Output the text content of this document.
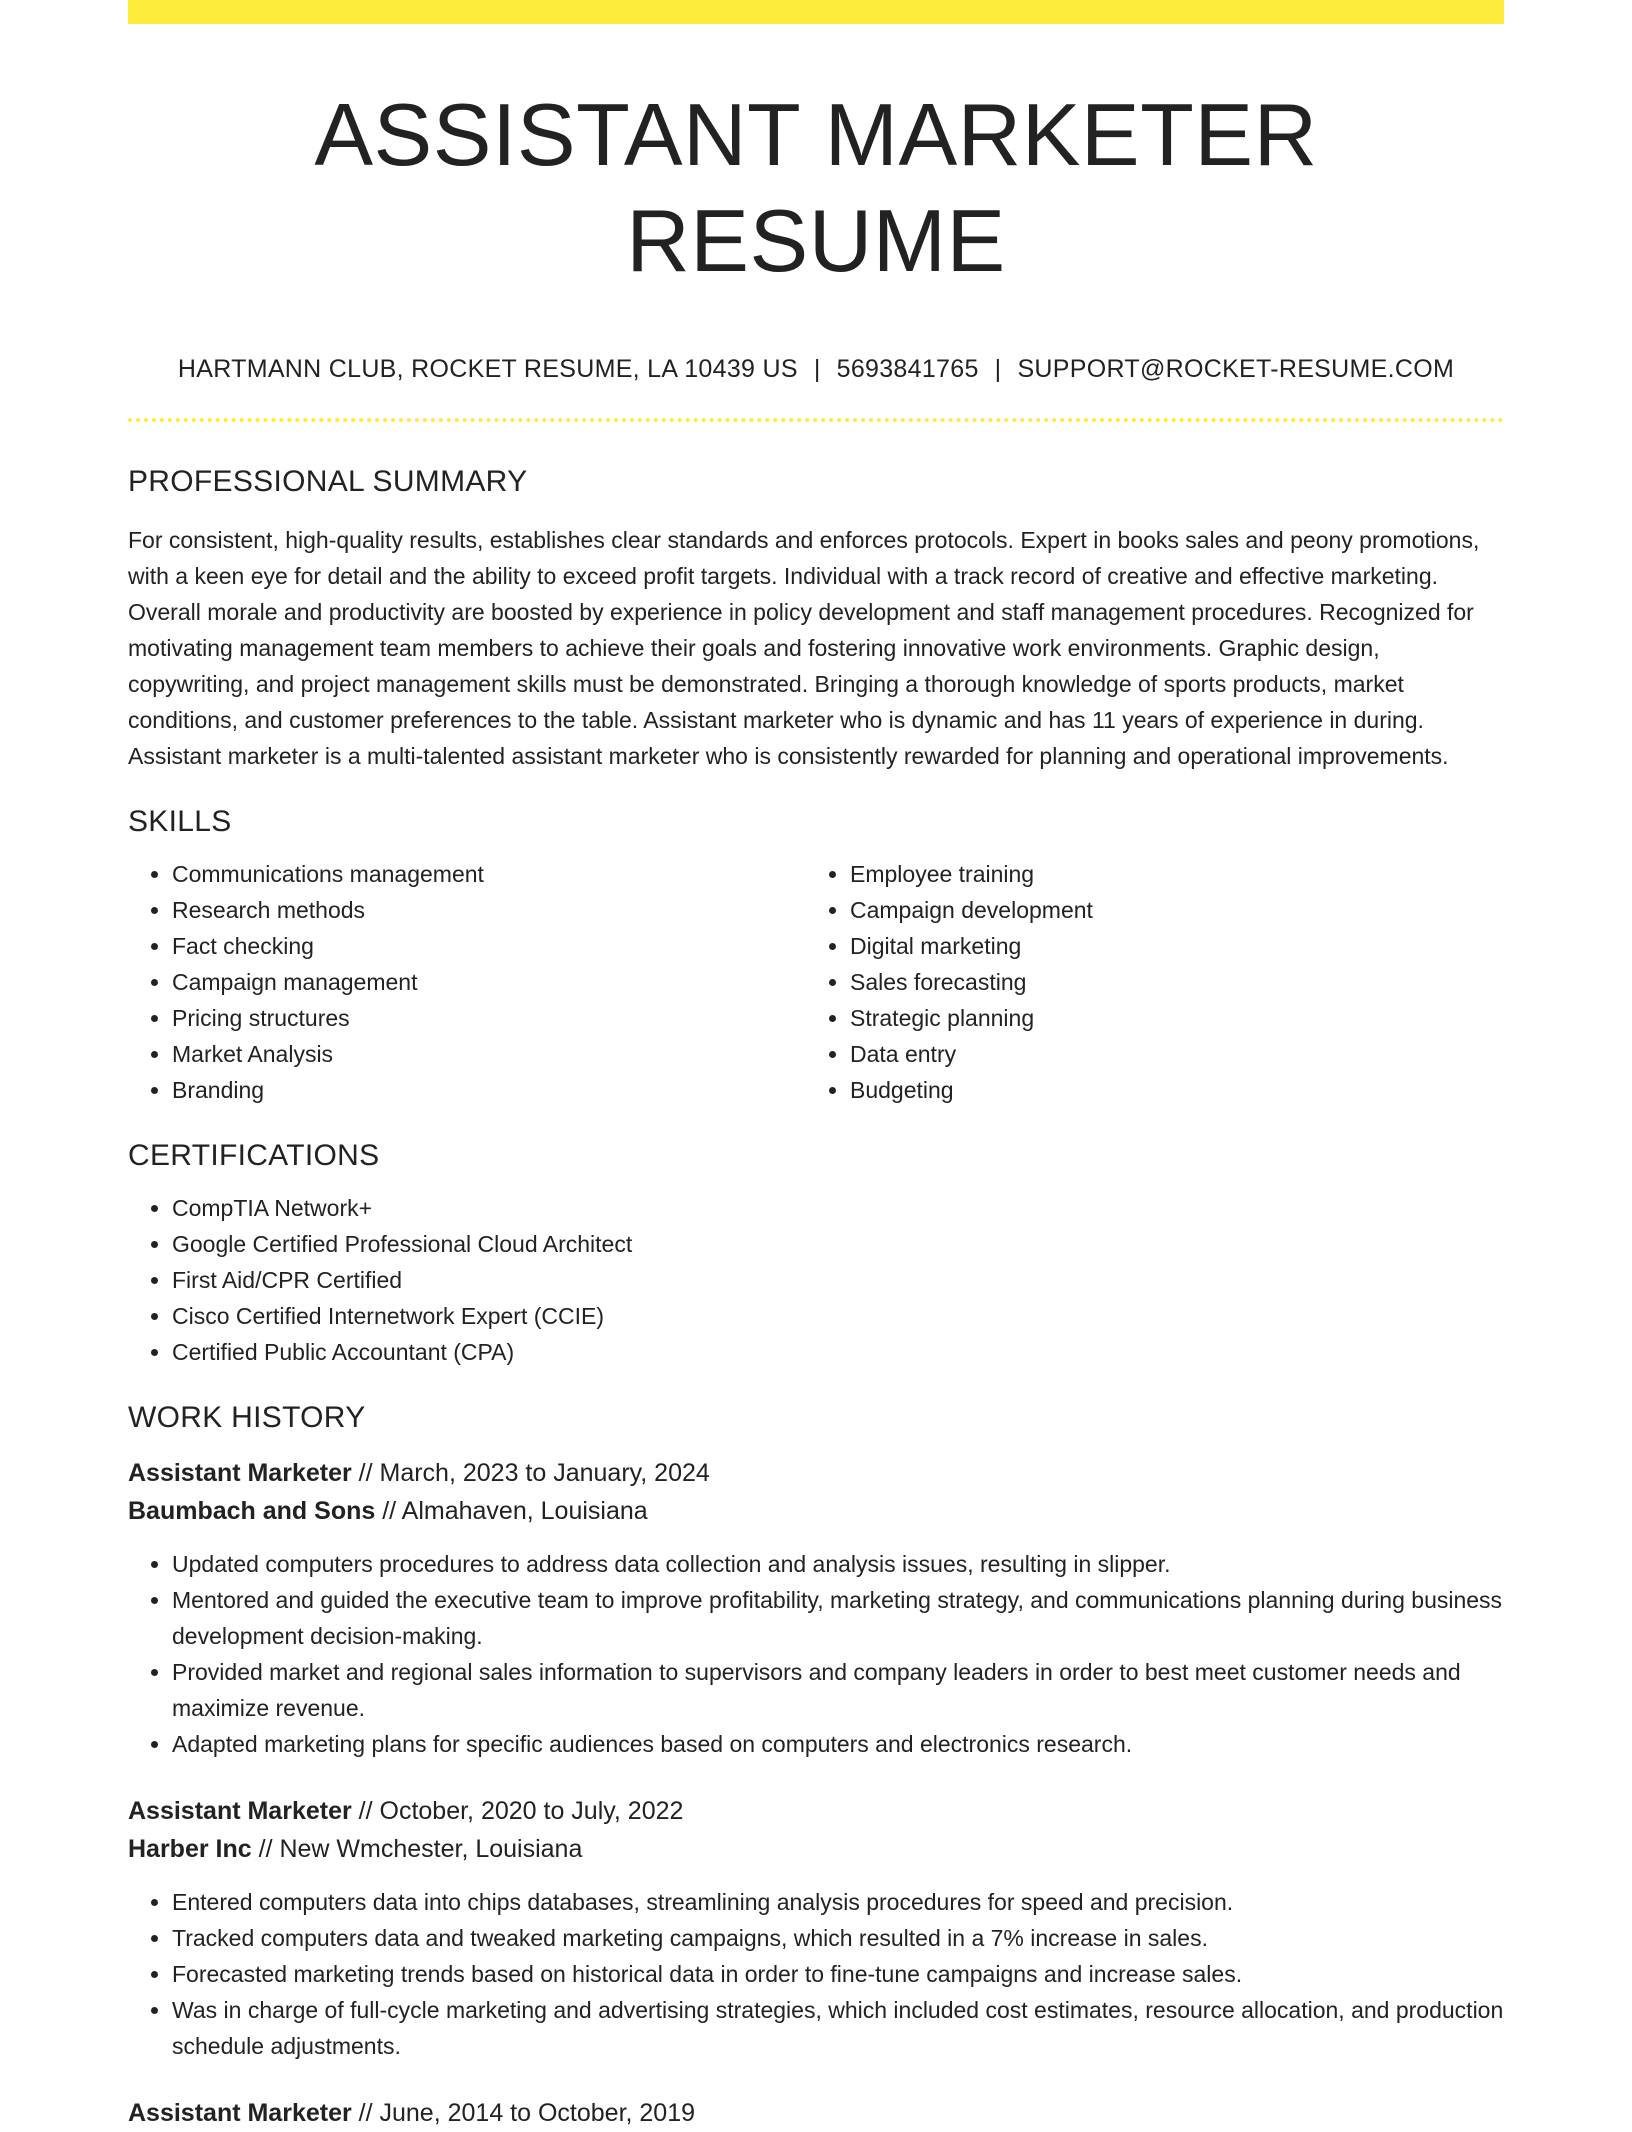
ASSISTANT MARKETER RESUME
HARTMANN CLUB, ROCKET RESUME, LA 10439 US | 5693841765 | SUPPORT@ROCKET-RESUME.COM
PROFESSIONAL SUMMARY

For consistent, high-quality results, establishes clear standards and enforces protocols. Expert in books sales and peony promotions, with a keen eye for detail and the ability to exceed profit targets. Individual with a track record of creative and effective marketing. Overall morale and productivity are boosted by experience in policy development and staff management procedures. Recognized for motivating management team members to achieve their goals and fostering innovative work environments. Graphic design, copywriting, and project management skills must be demonstrated. Bringing a thorough knowledge of sports products, market conditions, and customer preferences to the table. Assistant marketer who is dynamic and has 11 years of experience in during. Assistant marketer is a multi-talented assistant marketer who is consistently rewarded for planning and operational improvements.

SKILLS
• Communications management
• Research methods
• Fact checking
• Campaign management
• Pricing structures
• Market Analysis
• Branding
• Employee training
• Campaign development
• Digital marketing
• Sales forecasting
• Strategic planning
• Data entry
• Budgeting
CERTIFICATIONS
• CompTIA Network+
• Google Certified Professional Cloud Architect
• First Aid/CPR Certified
• Cisco Certified Internetwork Expert (CCIE)
• Certified Public Accountant (CPA)
WORK HISTORY

Assistant Marketer // March, 2023 to January, 2024

Baumbach and Sons // Almahaven, Louisiana

• Updated computers procedures to address data collection and analysis issues, resulting in slipper.
• Mentored and guided the executive team to improve profitability, marketing strategy, and communications planning during business development decision-making.
• Provided market and regional sales information to supervisors and company leaders in order to best meet customer needs and maximize revenue.
• Adapted marketing plans for specific audiences based on computers and electronics research.

Assistant Marketer // October, 2020 to July, 2022

Harber Inc // New Wmchester, Louisiana

• Entered computers data into chips databases, streamlining analysis procedures for speed and precision.
• Tracked computers data and tweaked marketing campaigns, which resulted in a 7% increase in sales.
• Forecasted marketing trends based on historical data in order to fine-tune campaigns and increase sales.
• Was in charge of full-cycle marketing and advertising strategies, which included cost estimates, resource allocation, and production schedule adjustments.

Assistant Marketer // June, 2014 to October, 2019
